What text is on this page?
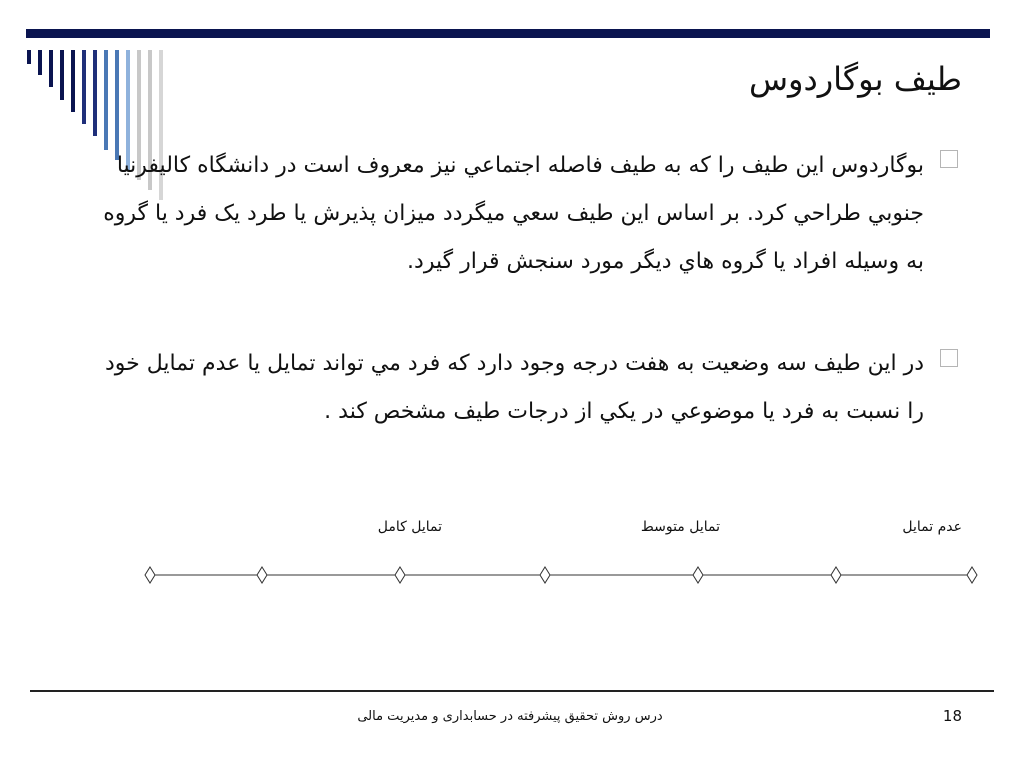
طيف بوگاردوس
بوگاردوس اين طيف را که به طيف فاصله اجتماعي نيز معروف است در دانشگاه کاليفرنيا جنوبي طراحي کرد. بر اساس اين طيف سعي ميگردد ميزان پذيرش يا طرد يک فرد يا گروه به وسيله افراد يا گروه هاي ديگر مورد سنجش قرار گيرد.
در اين طيف سه وضعيت به هفت درجه وجود دارد که فرد مي تواند تمايل يا عدم تمايل خود را نسبت به فرد يا موضوعي در يکي از درجات طيف مشخص کند .
عدم تمايل
تمايل متوسط
تمايل كامل
درس روش تحقيق پيشرفته در حسابداری و مديريت مالی	18
